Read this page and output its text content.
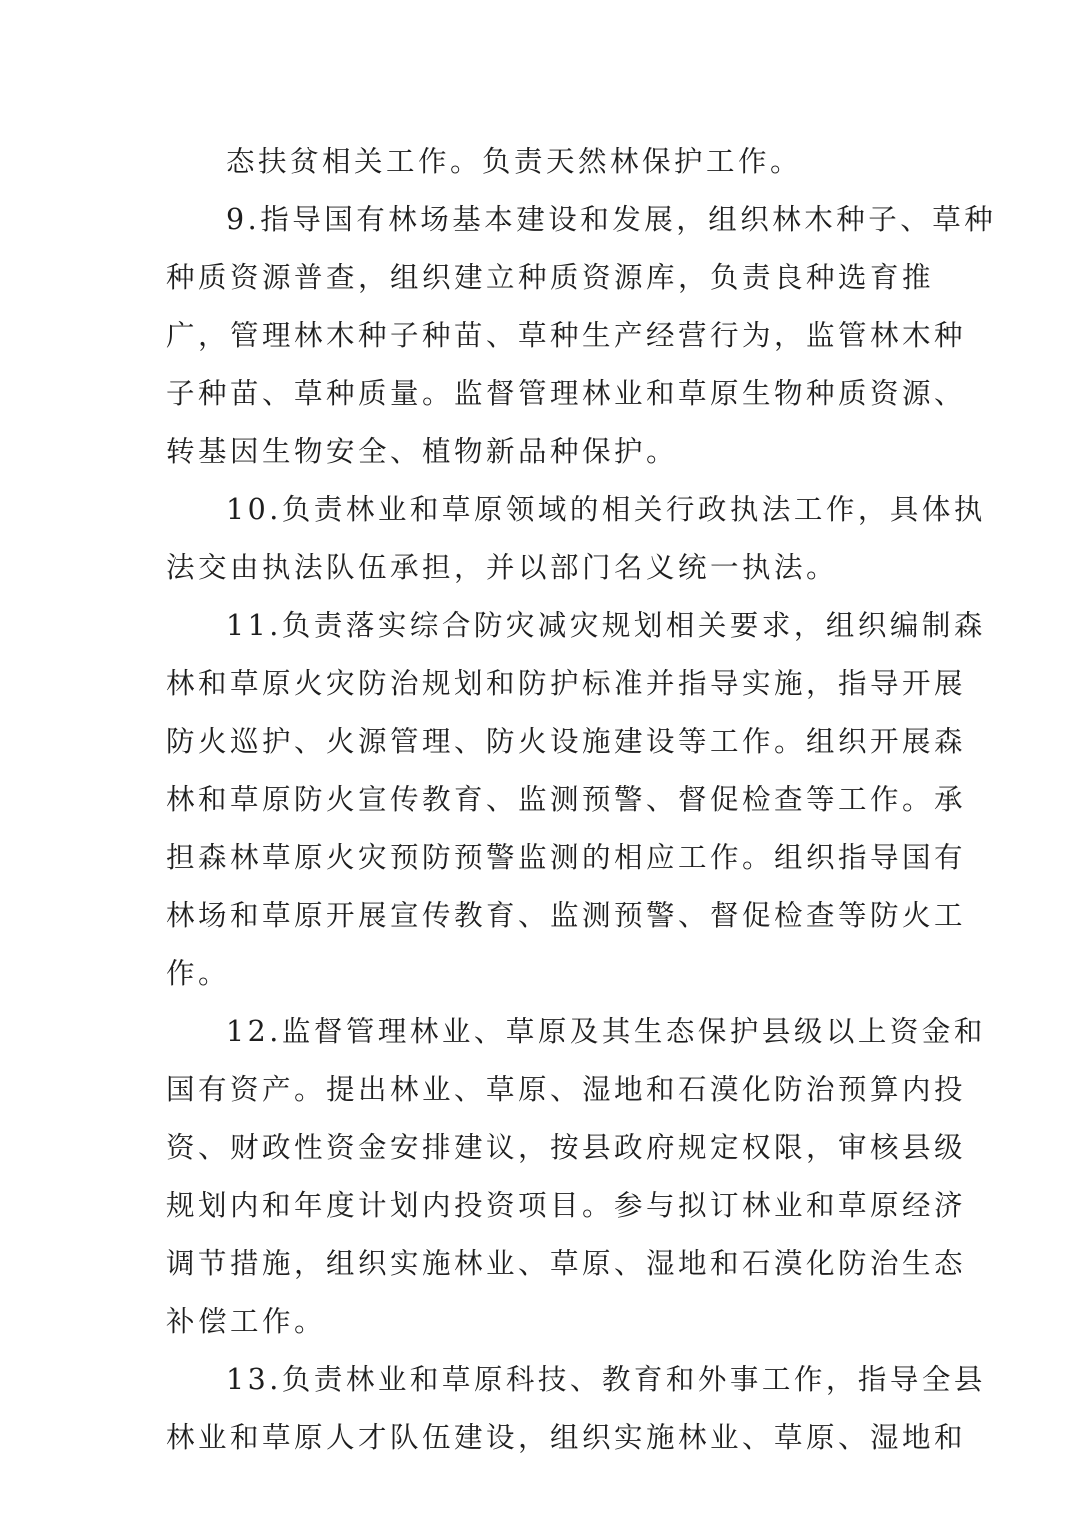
态扶贫相关工作。负责天然林保护工作。
9.指导国有林场基本建设和发展，组织林木种子、草种
种质资源普查，组织建立种质资源库，负责良种选育推
广，管理林木种子种苗、草种生产经营行为，监管林木种
子种苗、草种质量。监督管理林业和草原生物种质资源、
转基因生物安全、植物新品种保护。
10.负责林业和草原领域的相关行政执法工作，具体执
法交由执法队伍承担，并以部门名义统一执法。
11.负责落实综合防灾减灾规划相关要求，组织编制森
林和草原火灾防治规划和防护标准并指导实施，指导开展
防火巡护、火源管理、防火设施建设等工作。组织开展森
林和草原防火宣传教育、监测预警、督促检查等工作。承
担森林草原火灾预防预警监测的相应工作。组织指导国有
林场和草原开展宣传教育、监测预警、督促检查等防火工
作。
12.监督管理林业、草原及其生态保护县级以上资金和
国有资产。提出林业、草原、湿地和石漠化防治预算内投
资、财政性资金安排建议，按县政府规定权限，审核县级
规划内和年度计划内投资项目。参与拟订林业和草原经济
调节措施，组织实施林业、草原、湿地和石漠化防治生态
补偿工作。
13.负责林业和草原科技、教育和外事工作，指导全县
林业和草原人才队伍建设，组织实施林业、草原、湿地和
